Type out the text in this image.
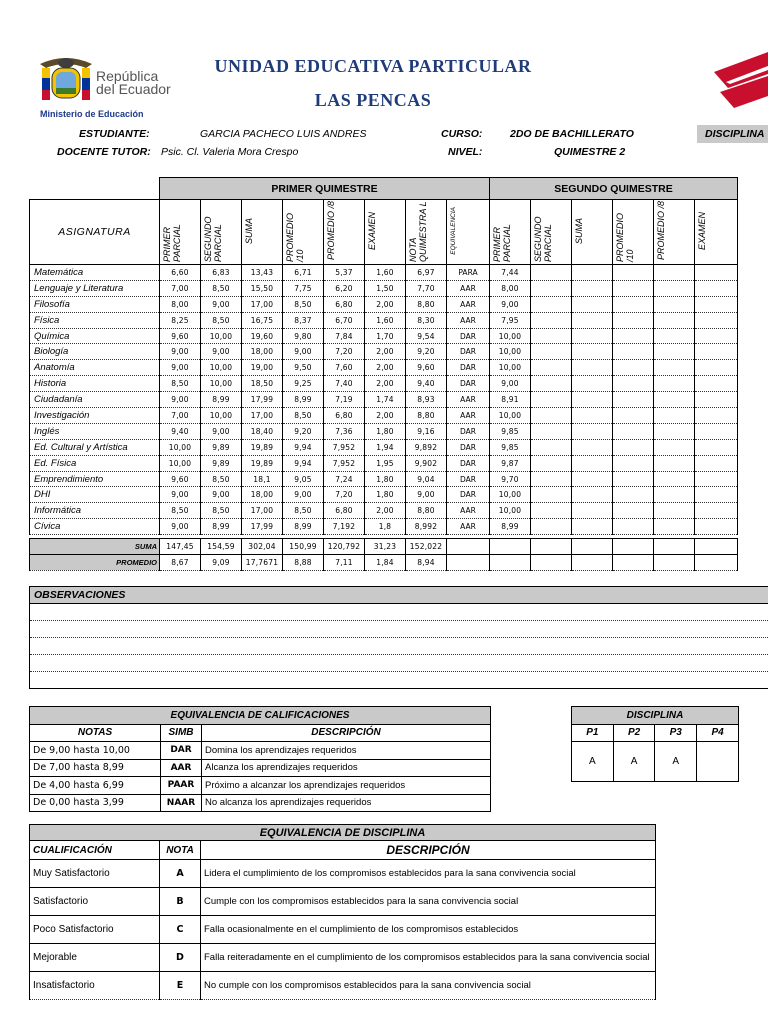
República
del Ecuador
Ministerio de Educación
UNIDAD EDUCATIVA PARTICULAR
LAS PENCAS
ESTUDIANTE:	GARCIA PACHECO LUIS ANDRES	CURSO:	2DO DE BACHILLERATO	DISCIPLINA
DOCENTE TUTOR: Psic. Cl. Valeria Mora Crespo	NIVEL:	QUIMESTRE 2
	PRIMER QUIMESTRE								SEGUNDO QUIMESTRE					
ASIGNATURA	PRIMER PARCIAL	SEGUNDO PARCIAL	SUMA	PROMEDIO /10	PROMEDIO /8	EXAMEN	NOTA QUIMESTRA L	EQUIVALENCIA	PRIMER PARCIAL	SEGUNDO PARCIAL	SUMA	PROMEDIO /10	PROMEDIO /8	EXAMEN
Matemática	6,60	6,83	13,43	6,71	5,37	1,60	6,97	PARA	7,44					
Lenguaje y Literatura	7,00	8,50	15,50	7,75	6,20	1,50	7,70	AAR	8,00					
Filosofía	8,00	9,00	17,00	8,50	6,80	2,00	8,80	AAR	9,00					
Física	8,25	8,50	16,75	8,37	6,70	1,60	8,30	AAR	7,95					
Química	9,60	10,00	19,60	9,80	7,84	1,70	9,54	DAR	10,00					
Biología	9,00	9,00	18,00	9,00	7,20	2,00	9,20	DAR	10,00					
Anatomía	9,00	10,00	19,00	9,50	7,60	2,00	9,60	DAR	10,00					
Historia	8,50	10,00	18,50	9,25	7,40	2,00	9,40	DAR	9,00					
Ciudadanía	9,00	8,99	17,99	8,99	7,19	1,74	8,93	AAR	8,91					
Investigación	7,00	10,00	17,00	8,50	6,80	2,00	8,80	AAR	10,00					
Inglés	9,40	9,00	18,40	9,20	7,36	1,80	9,16	DAR	9,85					
Ed. Cultural y Artística	10,00	9,89	19,89	9,94	7,952	1,94	9,892	DAR	9,85					
Ed. Física	10,00	9,89	19,89	9,94	7,952	1,95	9,902	DAR	9,87					
Emprendimiento	9,60	8,50	18,1	9,05	7,24	1,80	9,04	DAR	9,70					
DHI	9,00	9,00	18,00	9,00	7,20	1,80	9,00	DAR	10,00					
Informática	8,50	8,50	17,00	8,50	6,80	2,00	8,80	AAR	10,00					
Cívica	9,00	8,99	17,99	8,99	7,192	1,8	8,992	AAR	8,99					

SUMA	147,45	154,59	302,04	150,99	120,792	31,23	152,022							
PROMEDIO	8,67	9,09	17,7671	8,88	7,11	1,84	8,94							
OBSERVACIONES
EQUIVALENCIA DE CALIFICACIONES		
NOTAS	SIMB	DESCRIPCIÓN
De 9,00 hasta 10,00	DAR	Domina los aprendizajes requeridos
De 7,00 hasta 8,99	AAR	Alcanza los aprendizajes requeridos
De 4,00 hasta 6,99	PAAR	Próximo a alcanzar los aprendizajes requeridos
De 0,00 hasta 3,99	NAAR	No alcanza los aprendizajes requeridos
DISCIPLINA			
P1	P2	P3	P4
A	A	A	
EQUIVALENCIA DE DISCIPLINA		
CUALIFICACIÓN	NOTA	DESCRIPCIÓN
Muy Satisfactorio	A	Lidera el cumplimiento de los compromisos establecidos para la sana convivencia social
Satisfactorio	B	Cumple con los compromisos establecidos para la sana convivencia social
Poco Satisfactorio	C	Falla ocasionalmente en el cumplimiento de los compromisos establecidos
Mejorable	D	Falla reiteradamente en el cumplimiento de los compromisos establecidos para la sana convivencia social
Insatisfactorio	E	No cumple con los compromisos establecidos para la sana convivencia social
